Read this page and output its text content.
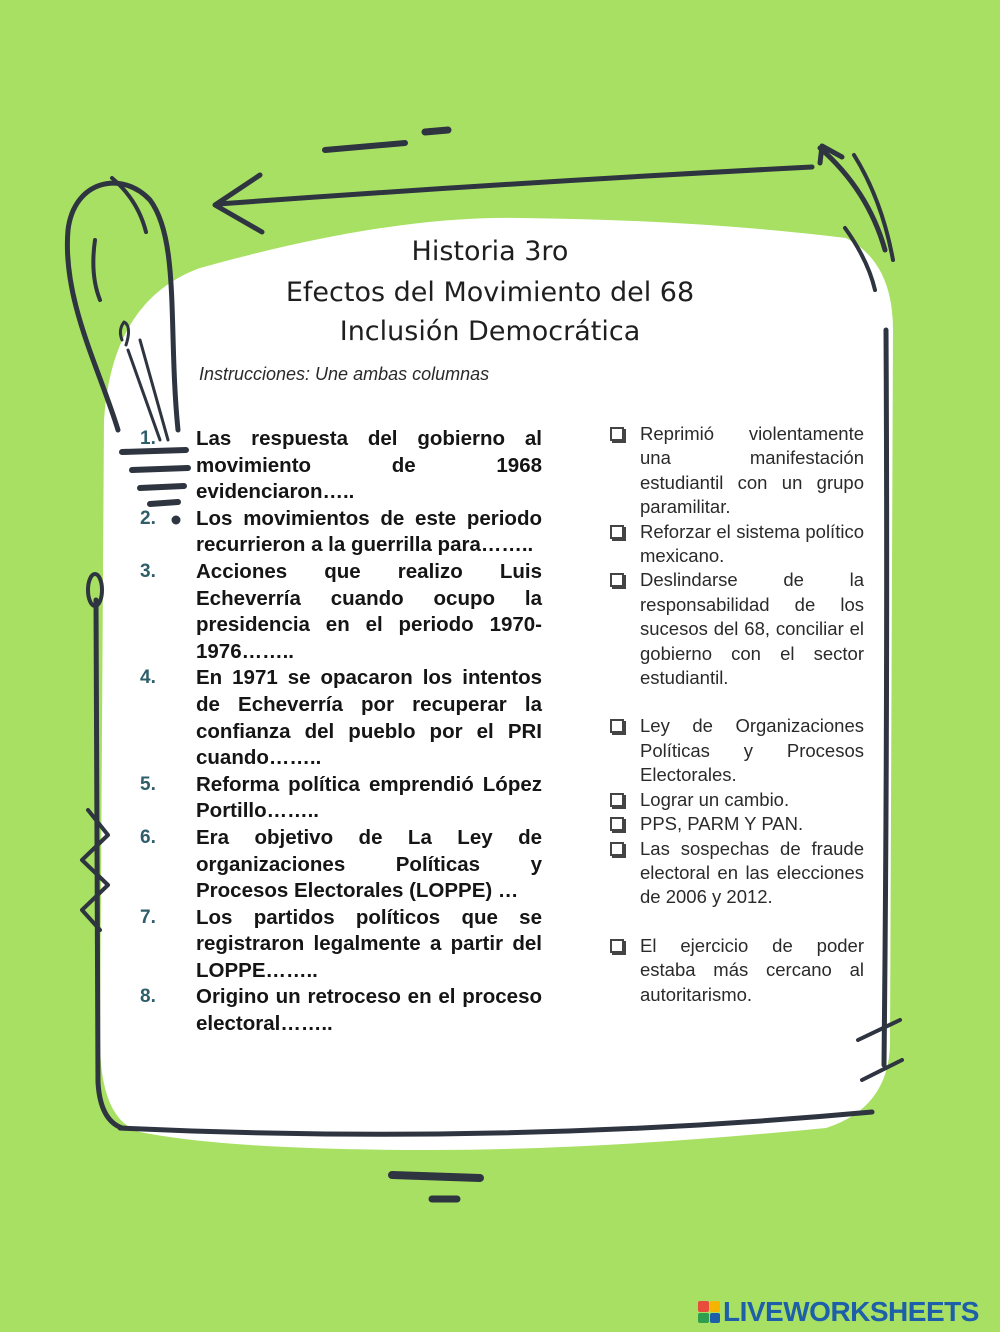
Historia 3ro
Efectos del Movimiento del 68
Inclusión Democrática
Instrucciones: Une ambas columnas
1.	Las respuesta del gobierno al movimiento de 1968 evidenciaron…..
2.	Los movimientos de este periodo recurrieron a la guerrilla para……..
3.	Acciones que realizo Luis Echeverría cuando ocupo la presidencia en el periodo 1970-1976……..
4.	En 1971 se opacaron los intentos de Echeverría por recuperar la confianza del pueblo por el PRI cuando……..
5.	Reforma política emprendió López Portillo……..
6.	Era objetivo de La Ley de organizaciones Políticas y Procesos Electorales (LOPPE) …
7.	Los partidos políticos que se registraron legalmente a partir del LOPPE……..
8.	Origino un retroceso en el proceso electoral……..
Reprimió violentamente una manifestación estudiantil con un grupo paramilitar.
Reforzar el sistema político mexicano.
Deslindarse de la responsabilidad de los sucesos del 68, conciliar el gobierno con el sector estudiantil.
Ley de Organizaciones Políticas y Procesos Electorales.
Lograr un cambio.
PPS, PARM Y PAN.
Las sospechas de fraude electoral en las elecciones de 2006 y 2012.
El ejercicio de poder estaba más cercano al autoritarismo.
LIVEWORKSHEETS
